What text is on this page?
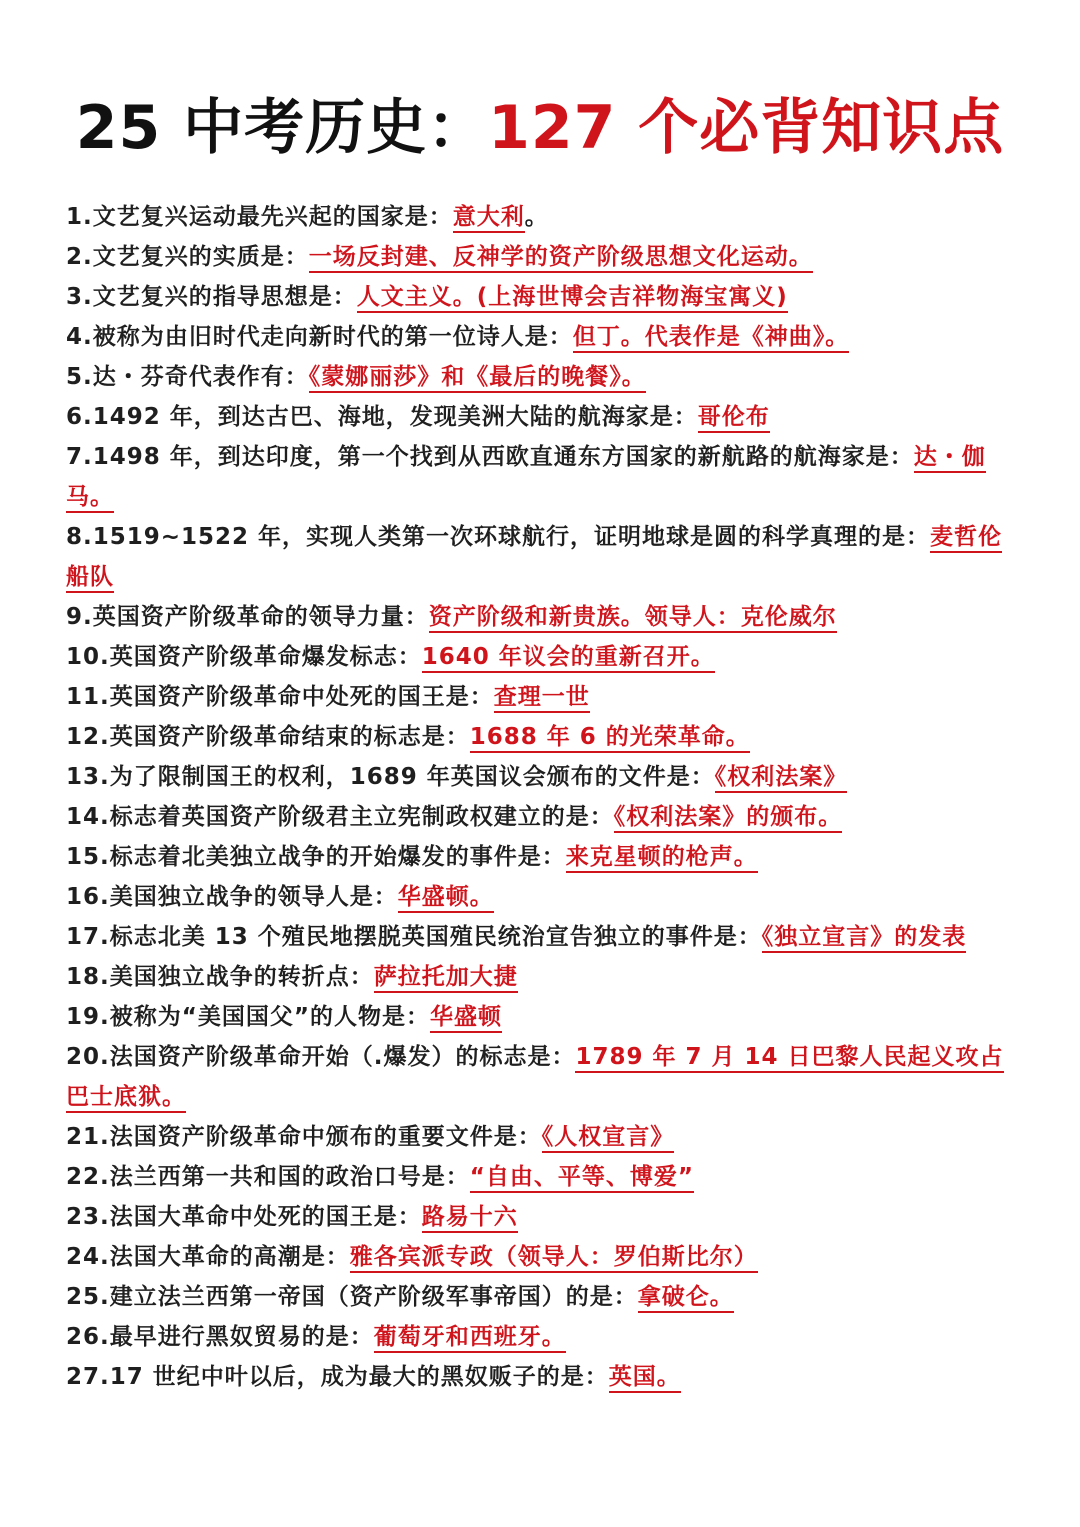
25 中考历史：127 个必背知识点
1.文艺复兴运动最先兴起的国家是：意大利。
2.文艺复兴的实质是：一场反封建、反神学的资产阶级思想文化运动。
3.文艺复兴的指导思想是：人文主义。(上海世博会吉祥物海宝寓义)
4.被称为由旧时代走向新时代的第一位诗人是：但丁。代表作是《神曲》。
5.达・芬奇代表作有：《蒙娜丽莎》和《最后的晚餐》。
6.1492 年，到达古巴、海地，发现美洲大陆的航海家是：哥伦布
7.1498 年，到达印度，第一个找到从西欧直通东方国家的新航路的航海家是：达・伽马。
8.1519~1522 年，实现人类第一次环球航行，证明地球是圆的科学真理的是：麦哲伦船队
9.英国资产阶级革命的领导力量：资产阶级和新贵族。领导人：克伦威尔
10.英国资产阶级革命爆发标志：1640 年议会的重新召开。
11.英国资产阶级革命中处死的国王是：查理一世
12.英国资产阶级革命结束的标志是：1688 年 6 的光荣革命。
13.为了限制国王的权利，1689 年英国议会颁布的文件是：《权利法案》
14.标志着英国资产阶级君主立宪制政权建立的是：《权利法案》的颁布。
15.标志着北美独立战争的开始爆发的事件是：来克星顿的枪声。
16.美国独立战争的领导人是：华盛顿。
17.标志北美 13 个殖民地摆脱英国殖民统治宣告独立的事件是：《独立宣言》的发表
18.美国独立战争的转折点：萨拉托加大捷
19.被称为“美国国父”的人物是：华盛顿
20.法国资产阶级革命开始（.爆发）的标志是：1789 年 7 月 14 日巴黎人民起义攻占巴士底狱。
21.法国资产阶级革命中颁布的重要文件是：《人权宣言》
22.法兰西第一共和国的政治口号是：“自由、平等、博爱”
23.法国大革命中处死的国王是：路易十六
24.法国大革命的高潮是：雅各宾派专政（领导人：罗伯斯比尔）
25.建立法兰西第一帝国（资产阶级军事帝国）的是：拿破仑。
26.最早进行黑奴贸易的是：葡萄牙和西班牙。
27.17 世纪中叶以后，成为最大的黑奴贩子的是：英国。
